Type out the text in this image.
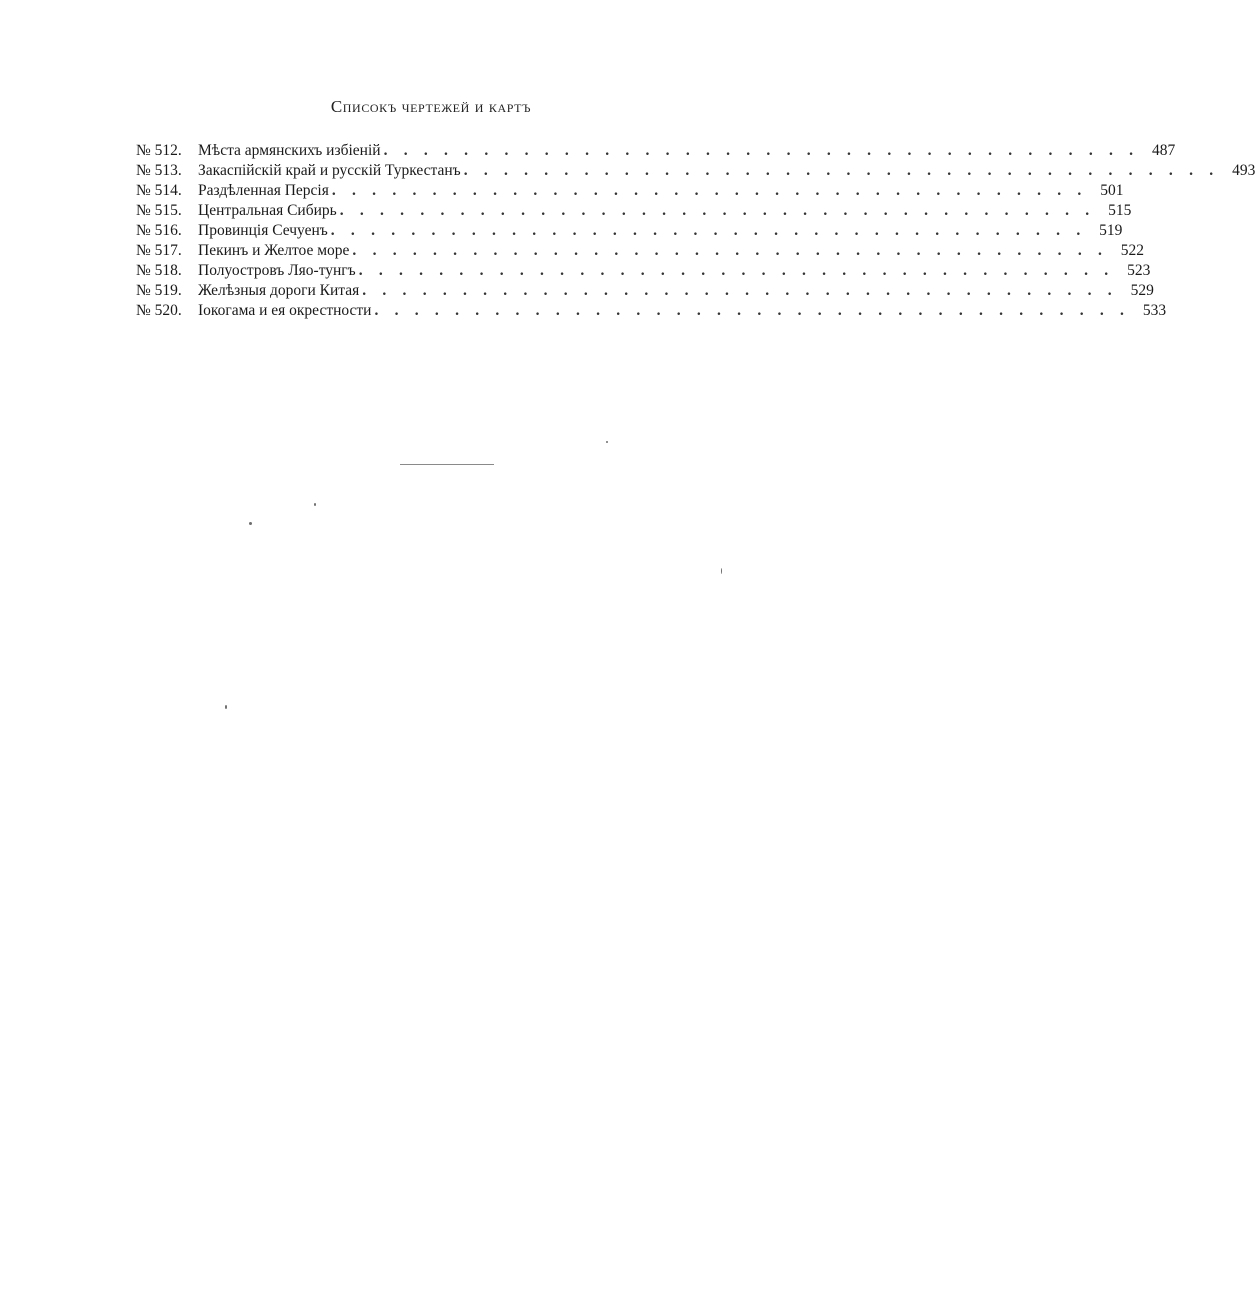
Списокъ чертежей и картъ
№ 512.	Мѣста армянскихъ избіеній . . . . . . . . . . . . . . . . . . . . . . . . . . . . . . . . . . . . . . 487
№ 513.	Закаспійскій край и русскій Туркестанъ . . . . . . . . . . . . . . . . . . . . . . . . . . . . . . . . . . . . . . 493
№ 514.	Раздѣленная Персія . . . . . . . . . . . . . . . . . . . . . . . . . . . . . . . . . . . . . . 501
№ 515.	Центральная Сибирь . . . . . . . . . . . . . . . . . . . . . . . . . . . . . . . . . . . . . . 515
№ 516.	Провинція Сечуенъ . . . . . . . . . . . . . . . . . . . . . . . . . . . . . . . . . . . . . . 519
№ 517.	Пекинъ и Желтое море . . . . . . . . . . . . . . . . . . . . . . . . . . . . . . . . . . . . . . 522
№ 518.	Полуостровъ Ляо-тунгъ . . . . . . . . . . . . . . . . . . . . . . . . . . . . . . . . . . . . . . 523
№ 519.	Желѣзныя дороги Китая . . . . . . . . . . . . . . . . . . . . . . . . . . . . . . . . . . . . . . 529
№ 520.	Іокогама и ея окрестности . . . . . . . . . . . . . . . . . . . . . . . . . . . . . . . . . . . . . . 533
